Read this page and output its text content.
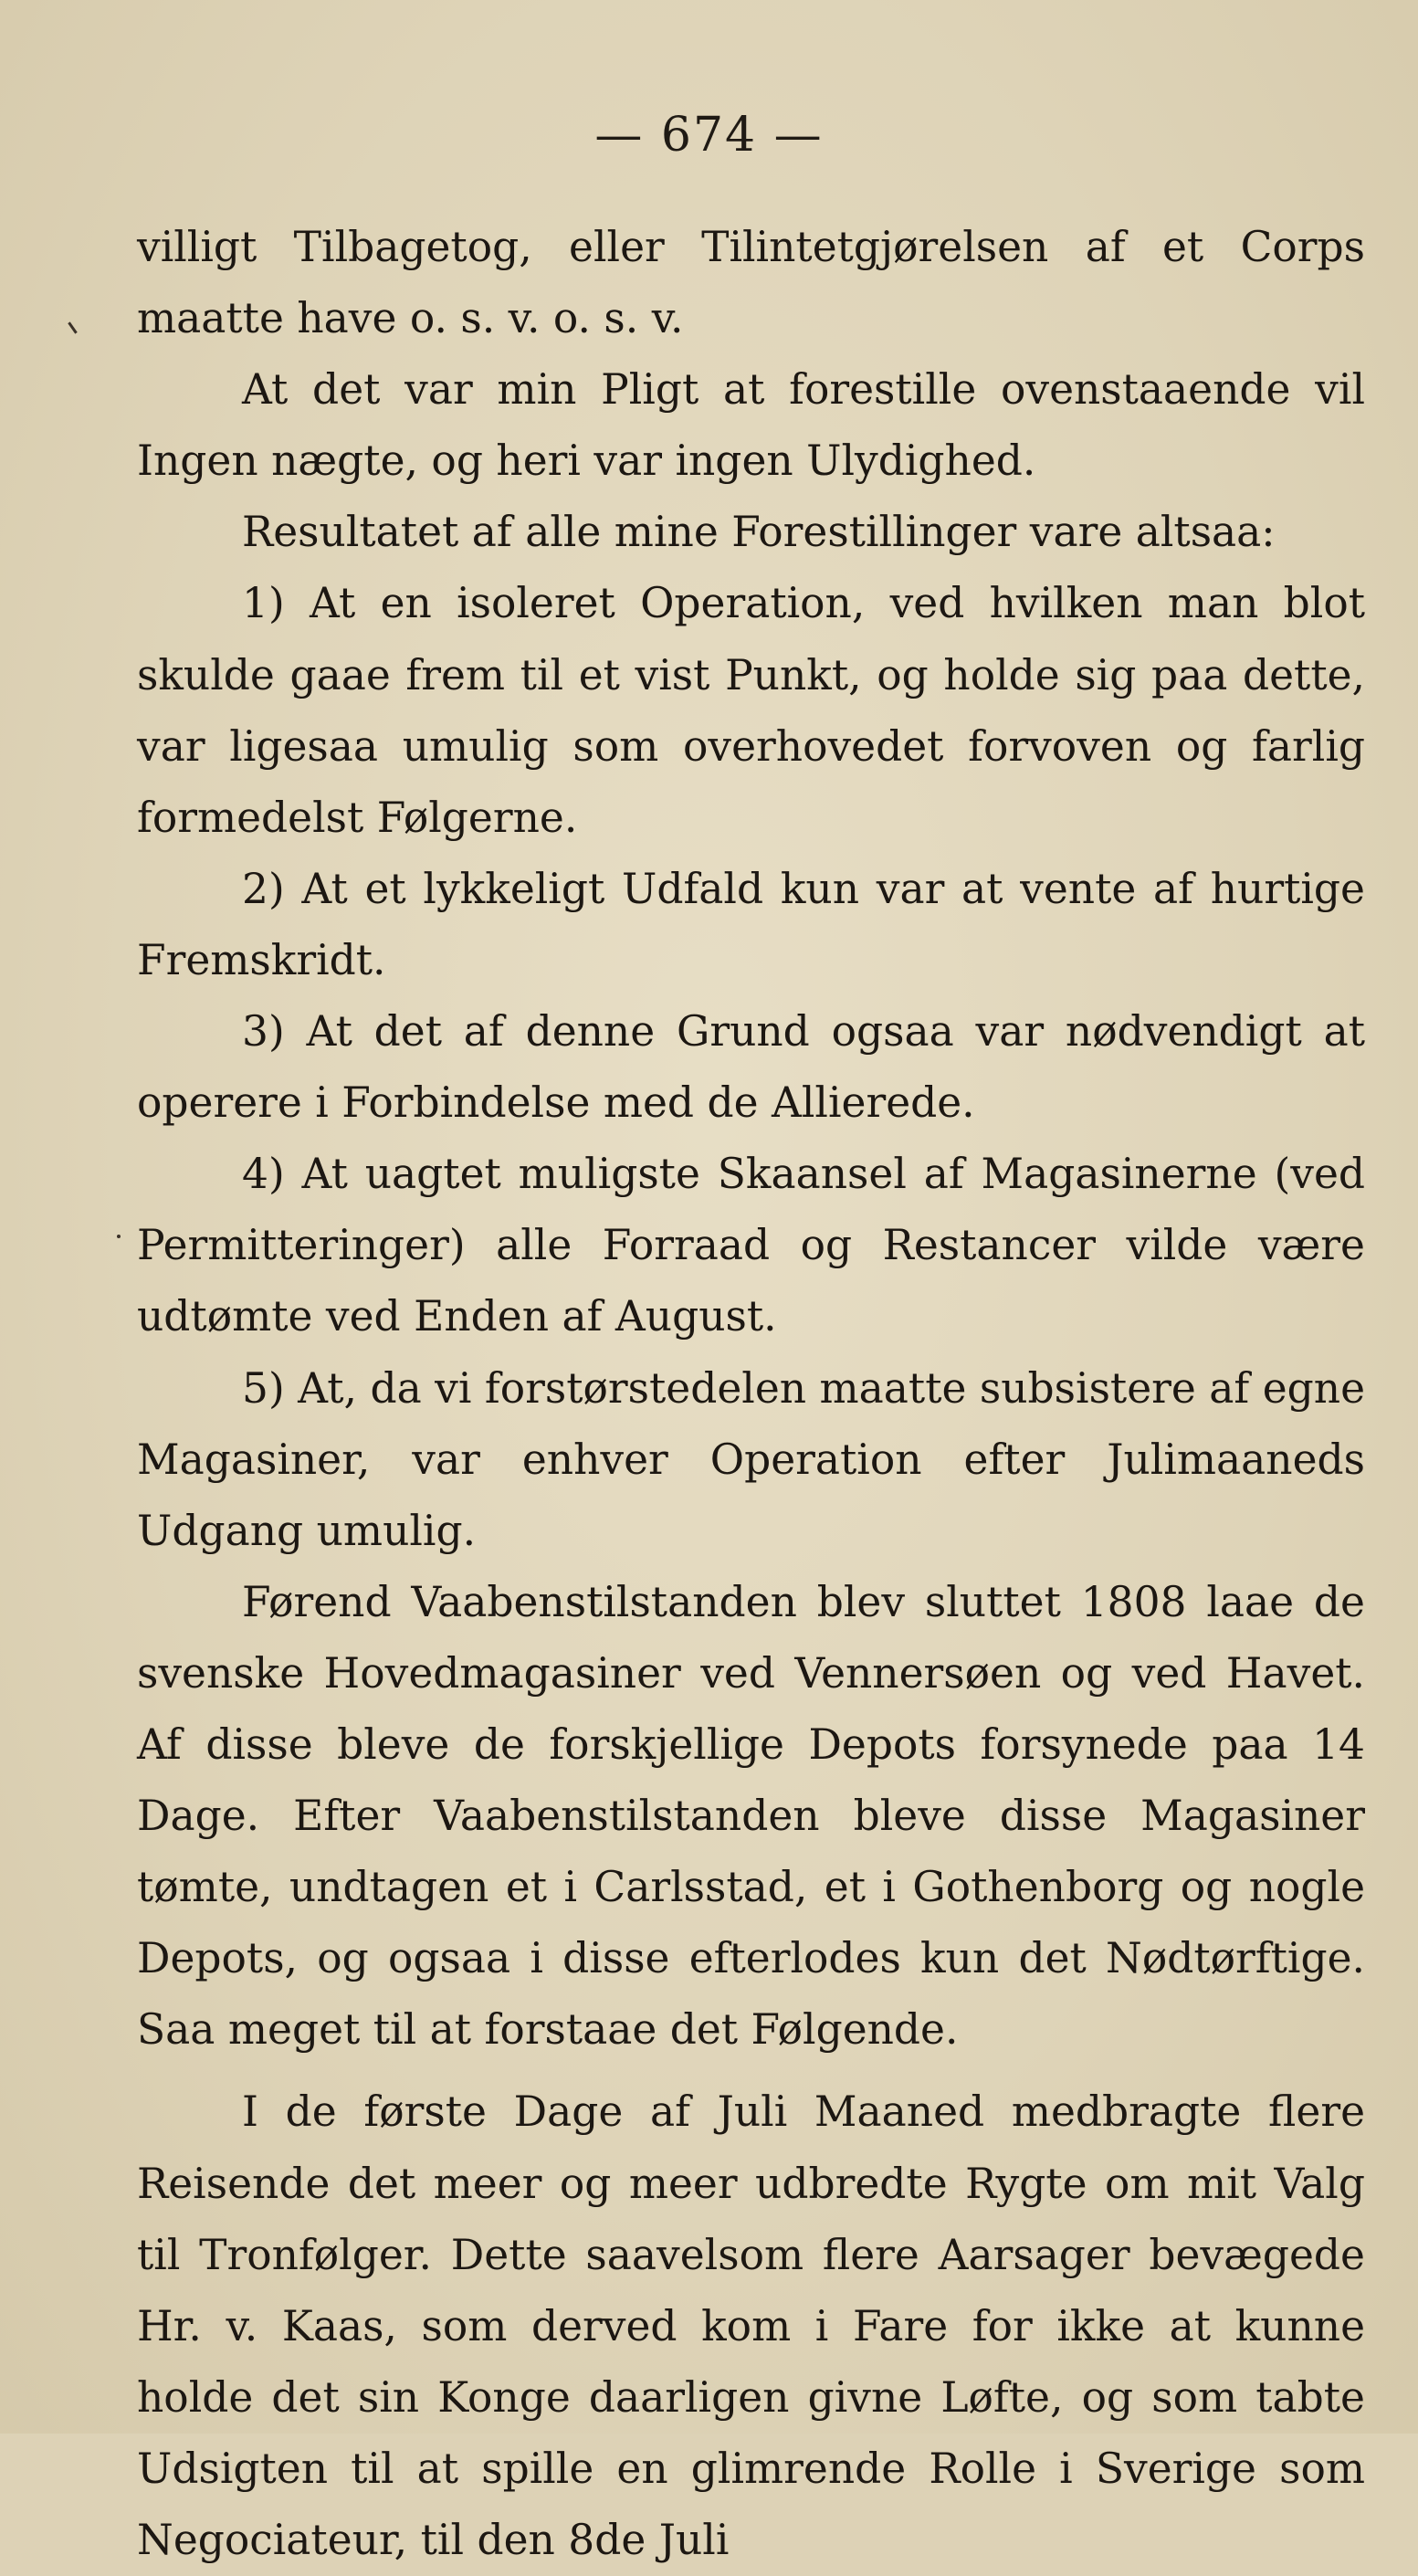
— 674 —

villigt Tilbagetog, eller Tilintetgjørelsen af et Corps maatte have o. s. v. o. s. v.

At det var min Pligt at forestille ovenstaaende vil Ingen nægte, og heri var ingen Ulydighed.

Resultatet af alle mine Forestillinger vare altsaa:

1) At en isoleret Operation, ved hvilken man blot skulde gaae frem til et vist Punkt, og holde sig paa dette, var ligesaa umulig som overhovedet forvoven og farlig formedelst Følgerne.

2) At et lykkeligt Udfald kun var at vente af hurtige Fremskridt.

3) At det af denne Grund ogsaa var nødvendigt at operere i Forbindelse med de Allierede.

4) At uagtet muligste Skaansel af Magasinerne (ved Permitteringer) alle Forraad og Restancer vilde være udtømte ved Enden af August.

5) At, da vi forstørstedelen maatte subsistere af egne Magasiner, var enhver Operation efter Julimaaneds Udgang umulig.

Førend Vaabenstilstanden blev sluttet 1808 laae de svenske Hovedmagasiner ved Vennersøen og ved Havet. Af disse bleve de forskjellige Depots forsynede paa 14 Dage. Efter Vaabenstilstanden bleve disse Magasiner tømte, undtagen et i Carlsstad, et i Gothenborg og nogle Depots, og ogsaa i disse efterlodes kun det Nødtørftige. Saa meget til at forstaae det Følgende.

I de første Dage af Juli Maaned medbragte flere Reisende det meer og meer udbredte Rygte om mit Valg til Tronfølger. Dette saavelsom flere Aarsager bevægede Hr. v. Kaas, som derved kom i Fare for ikke at kunne holde det sin Konge daarligen givne Løfte, og som tabte Udsigten til at spille en glimrende Rolle i Sverige som Negociateur, til den 8de Juli
